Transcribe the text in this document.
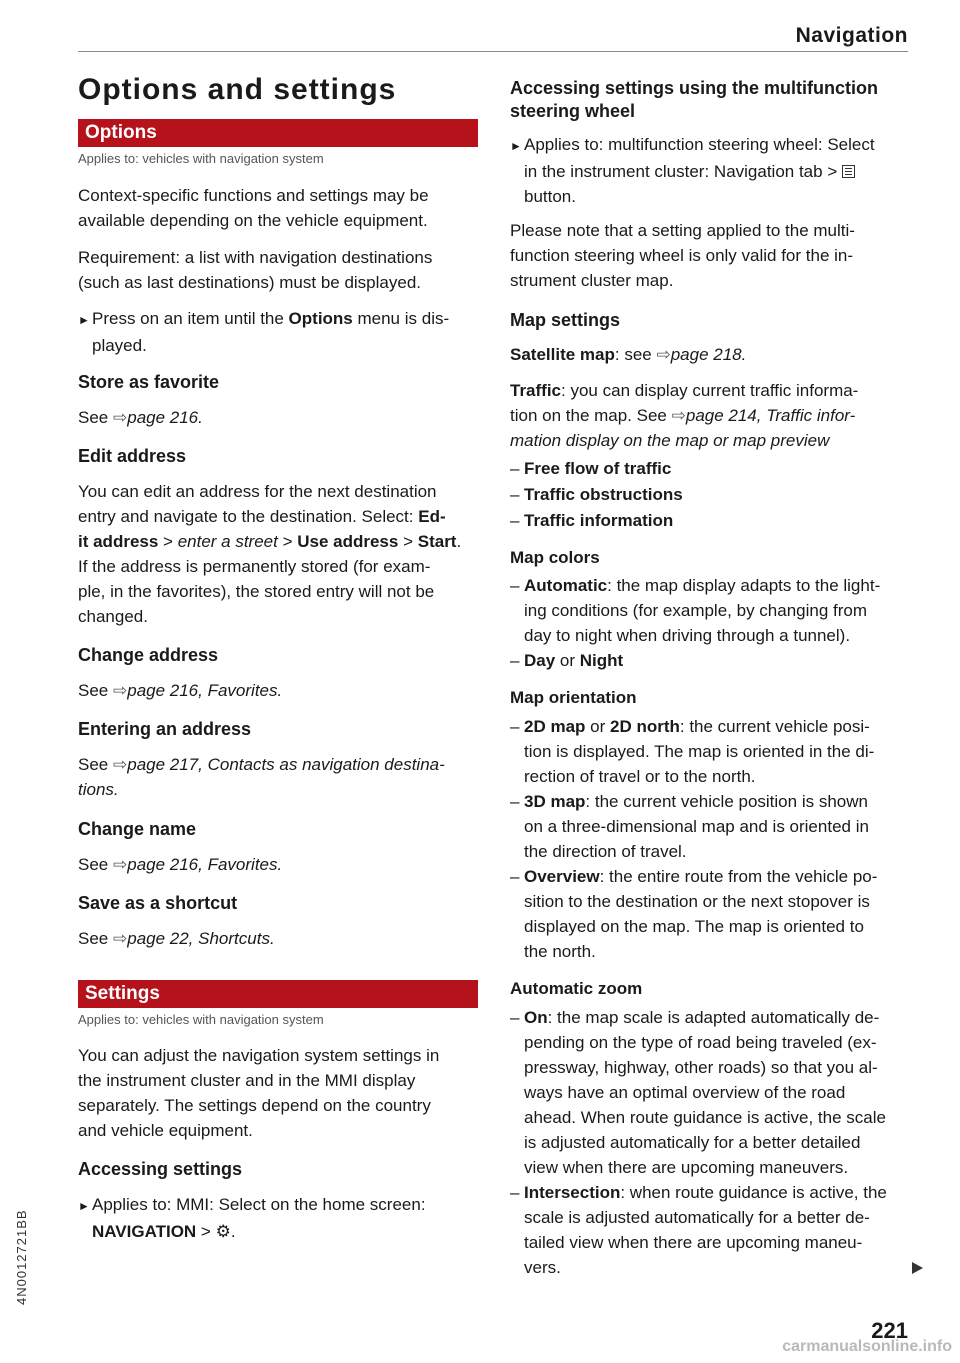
Navigation
Options and settings
Options
Applies to: vehicles with navigation system
Context-specific functions and settings may be
available depending on the vehicle equipment.
Requirement: a list with navigation destinations
(such as last destinations) must be displayed.
► Press on an item until the Options menu is dis-
played.
Store as favorite
See ⇨page 216.
Edit address
You can edit an address for the next destination
entry and navigate to the destination. Select: Ed-
it address > enter a street > Use address > Start.
If the address is permanently stored (for exam-
ple, in the favorites), the stored entry will not be
changed.
Change address
See ⇨page 216, Favorites.
Entering an address
See ⇨page 217, Contacts as navigation destina-
tions.
Change name
See ⇨page 216, Favorites.
Save as a shortcut
See ⇨page 22, Shortcuts.
Settings
Applies to: vehicles with navigation system
You can adjust the navigation system settings in
the instrument cluster and in the MMI display
separately. The settings depend on the country
and vehicle equipment.
Accessing settings
► Applies to: MMI: Select on the home screen:
NAVIGATION > ⚙.
Accessing settings using the multifunction
steering wheel
► Applies to: multifunction steering wheel: Select
in the instrument cluster: Navigation tab >
button.
Please note that a setting applied to the multi-
function steering wheel is only valid for the in-
strument cluster map.
Map settings
Satellite map: see ⇨page 218.
Traffic: you can display current traffic informa-
tion on the map. See ⇨page 214, Traffic infor-
mation display on the map or map preview
– Free flow of traffic
– Traffic obstructions
– Traffic information
Map colors
– Automatic: the map display adapts to the light-
ing conditions (for example, by changing from
day to night when driving through a tunnel).
– Day or Night
Map orientation
– 2D map or 2D north: the current vehicle posi-
tion is displayed. The map is oriented in the di-
rection of travel or to the north.
– 3D map: the current vehicle position is shown
on a three-dimensional map and is oriented in
the direction of travel.
– Overview: the entire route from the vehicle po-
sition to the destination or the next stopover is
displayed on the map. The map is oriented to
the north.
Automatic zoom
– On: the map scale is adapted automatically de-
pending on the type of road being traveled (ex-
pressway, highway, other roads) so that you al-
ways have an optimal overview of the road
ahead. When route guidance is active, the scale
is adjusted automatically for a better detailed
view when there are upcoming maneuvers.
– Intersection: when route guidance is active, the
scale is adjusted automatically for a better de-
tailed view when there are upcoming maneu-
vers.
4N0012721BB
221
carmanualsonline.info
